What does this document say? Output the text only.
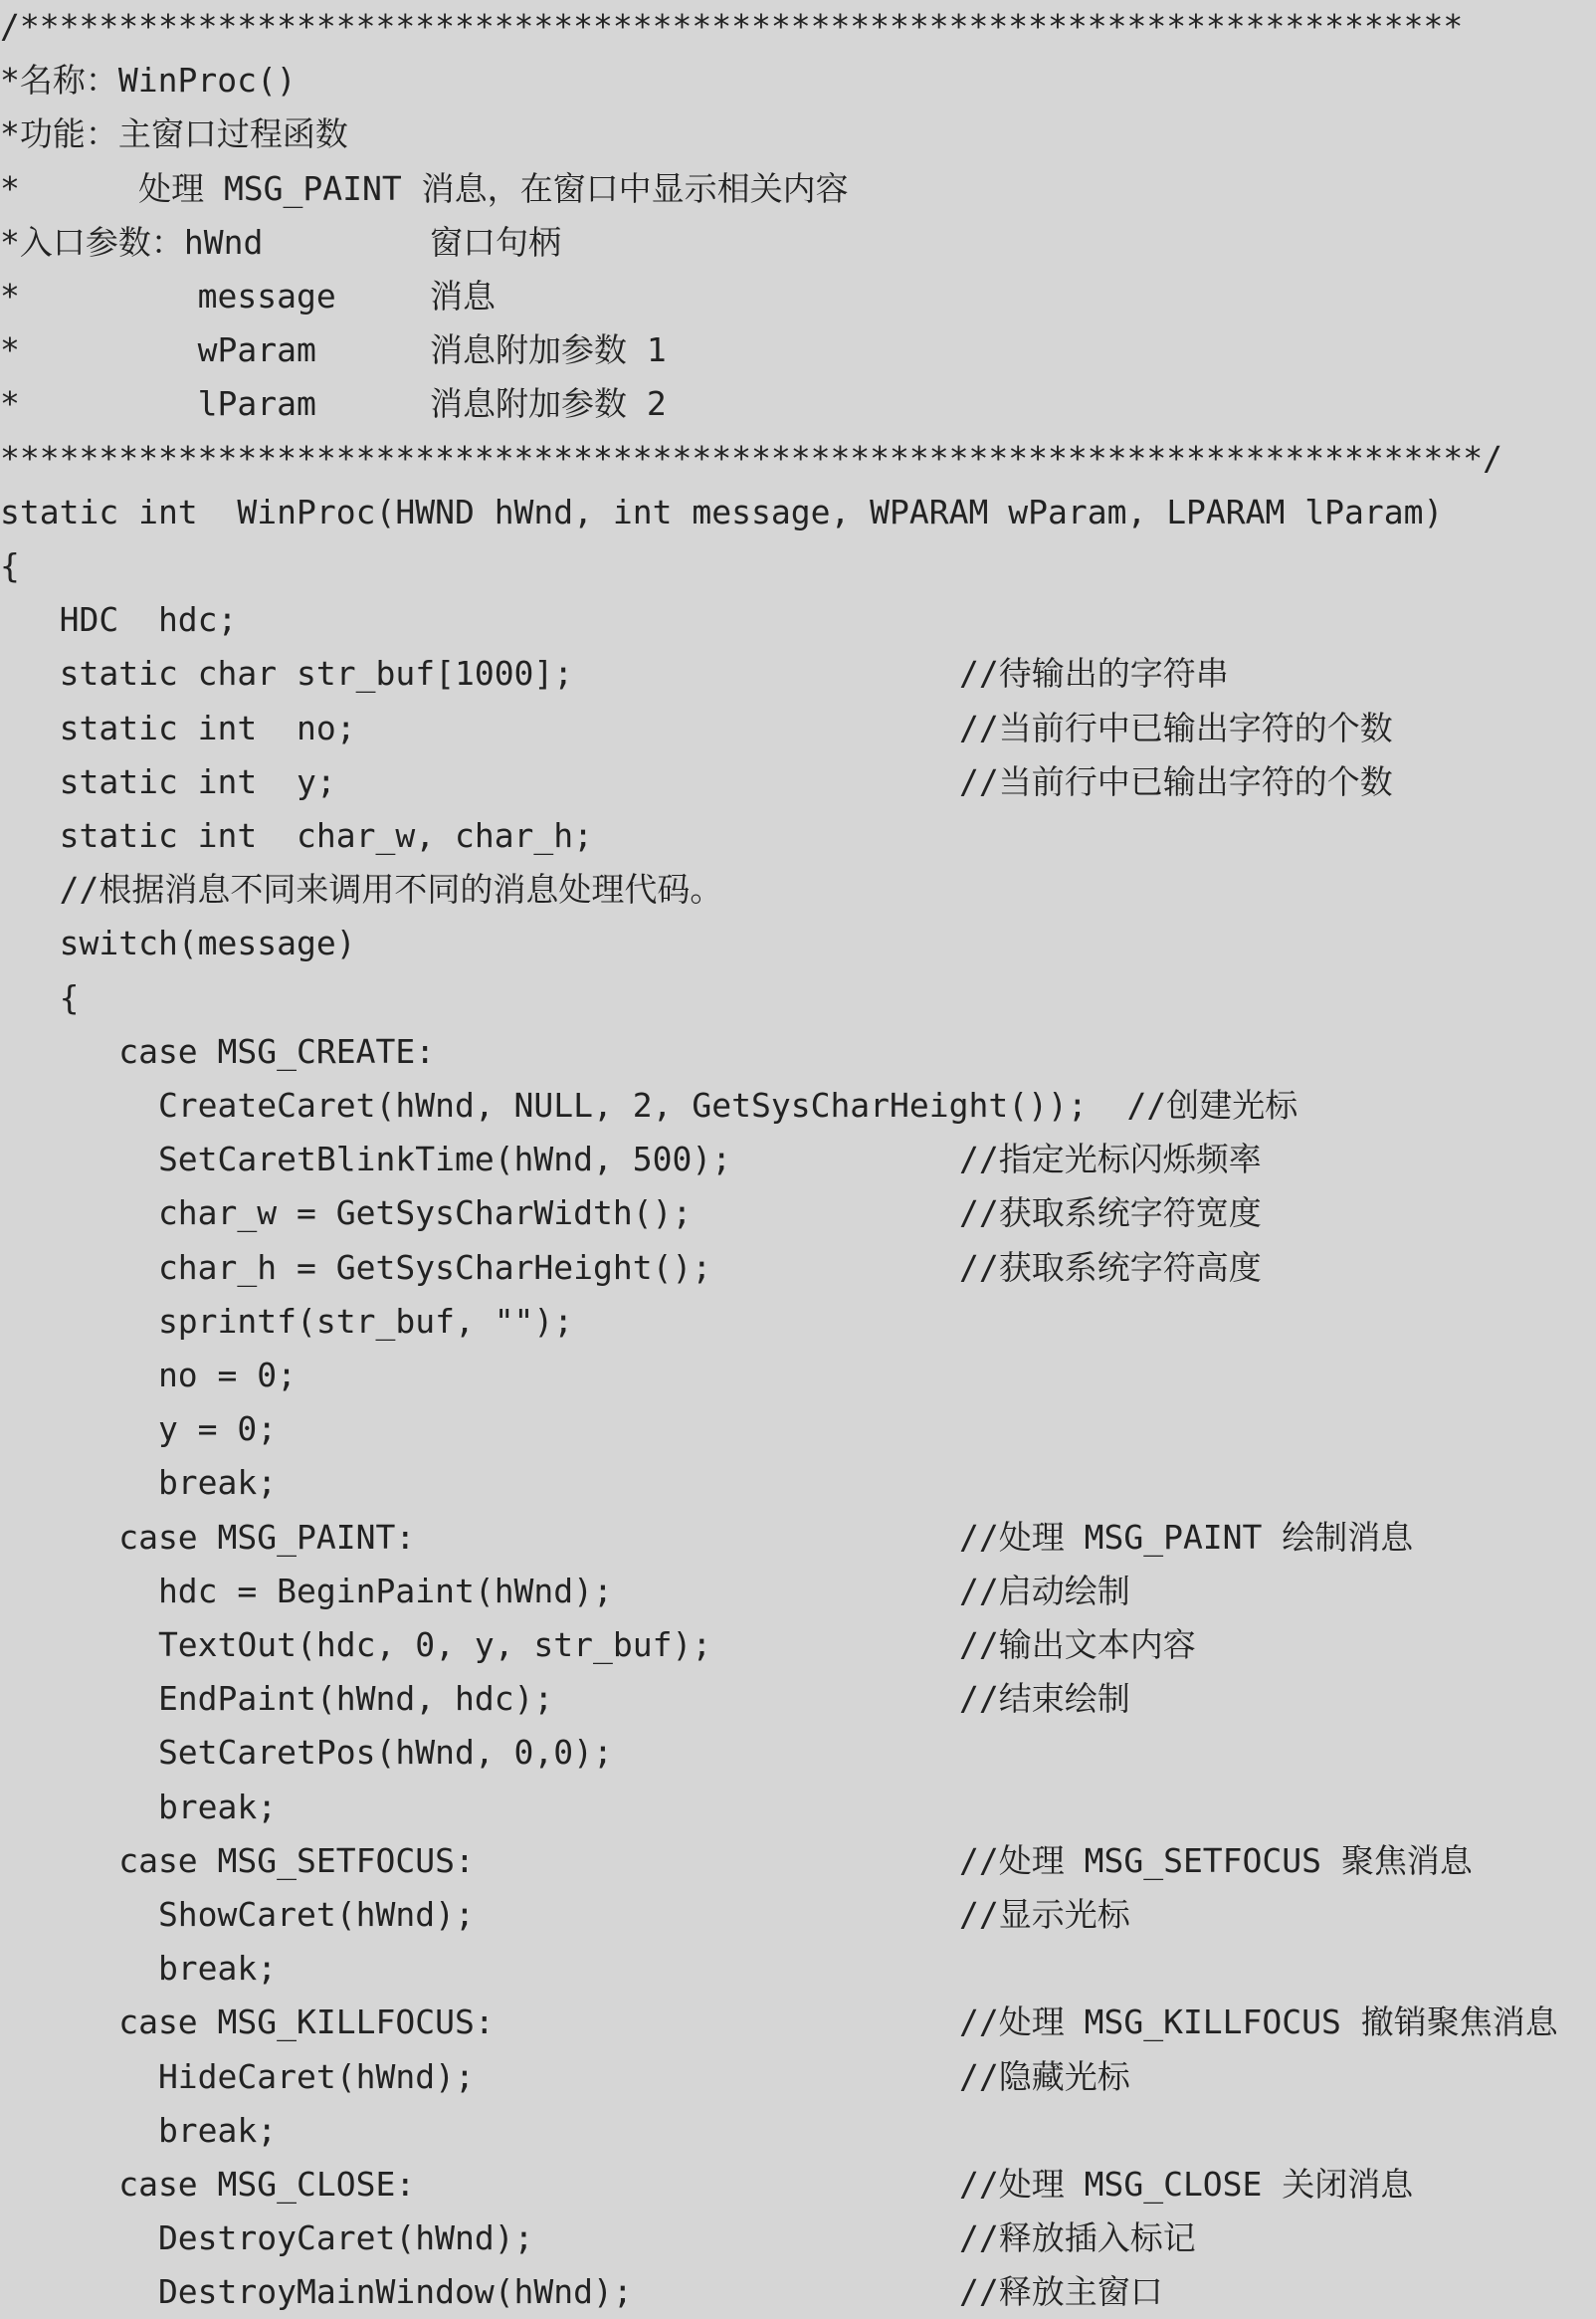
/*************************************************************************
*名称：WinProc()
*功能：主窗口过程函数
*      处理 MSG_PAINT 消息，在窗口中显示相关内容
*入口参数：hWnd	窗口句柄
*         message	消息
*         wParam	消息附加参数 1
*         lParam	消息附加参数 2
***************************************************************************/
static int  WinProc(HWND hWnd, int message, WPARAM wParam, LPARAM lParam)
{
HDC  hdc;
static char str_buf[1000];	//待输出的字符串
static int  no;	//当前行中已输出字符的个数
static int  y;	//当前行中已输出字符的个数
static int  char_w, char_h;
//根据消息不同来调用不同的消息处理代码。
switch(message)
{
case MSG_CREATE:
CreateCaret(hWnd, NULL, 2, GetSysCharHeight());  //创建光标
SetCaretBlinkTime(hWnd, 500);	//指定光标闪烁频率
char_w = GetSysCharWidth();	//获取系统字符宽度
char_h = GetSysCharHeight();	//获取系统字符高度
sprintf(str_buf, "");
no = 0;
y = 0;
break;
case MSG_PAINT:	//处理 MSG_PAINT 绘制消息
hdc = BeginPaint(hWnd);	//启动绘制
TextOut(hdc, 0, y, str_buf);	//输出文本内容
EndPaint(hWnd, hdc);	//结束绘制
SetCaretPos(hWnd, 0,0);
break;
case MSG_SETFOCUS:	//处理 MSG_SETFOCUS 聚焦消息
ShowCaret(hWnd);	//显示光标
break;
case MSG_KILLFOCUS:	//处理 MSG_KILLFOCUS 撤销聚焦消息
HideCaret(hWnd);	//隐藏光标
break;
case MSG_CLOSE:	//处理 MSG_CLOSE 关闭消息
DestroyCaret(hWnd);	//释放插入标记
DestroyMainWindow(hWnd);	//释放主窗口
